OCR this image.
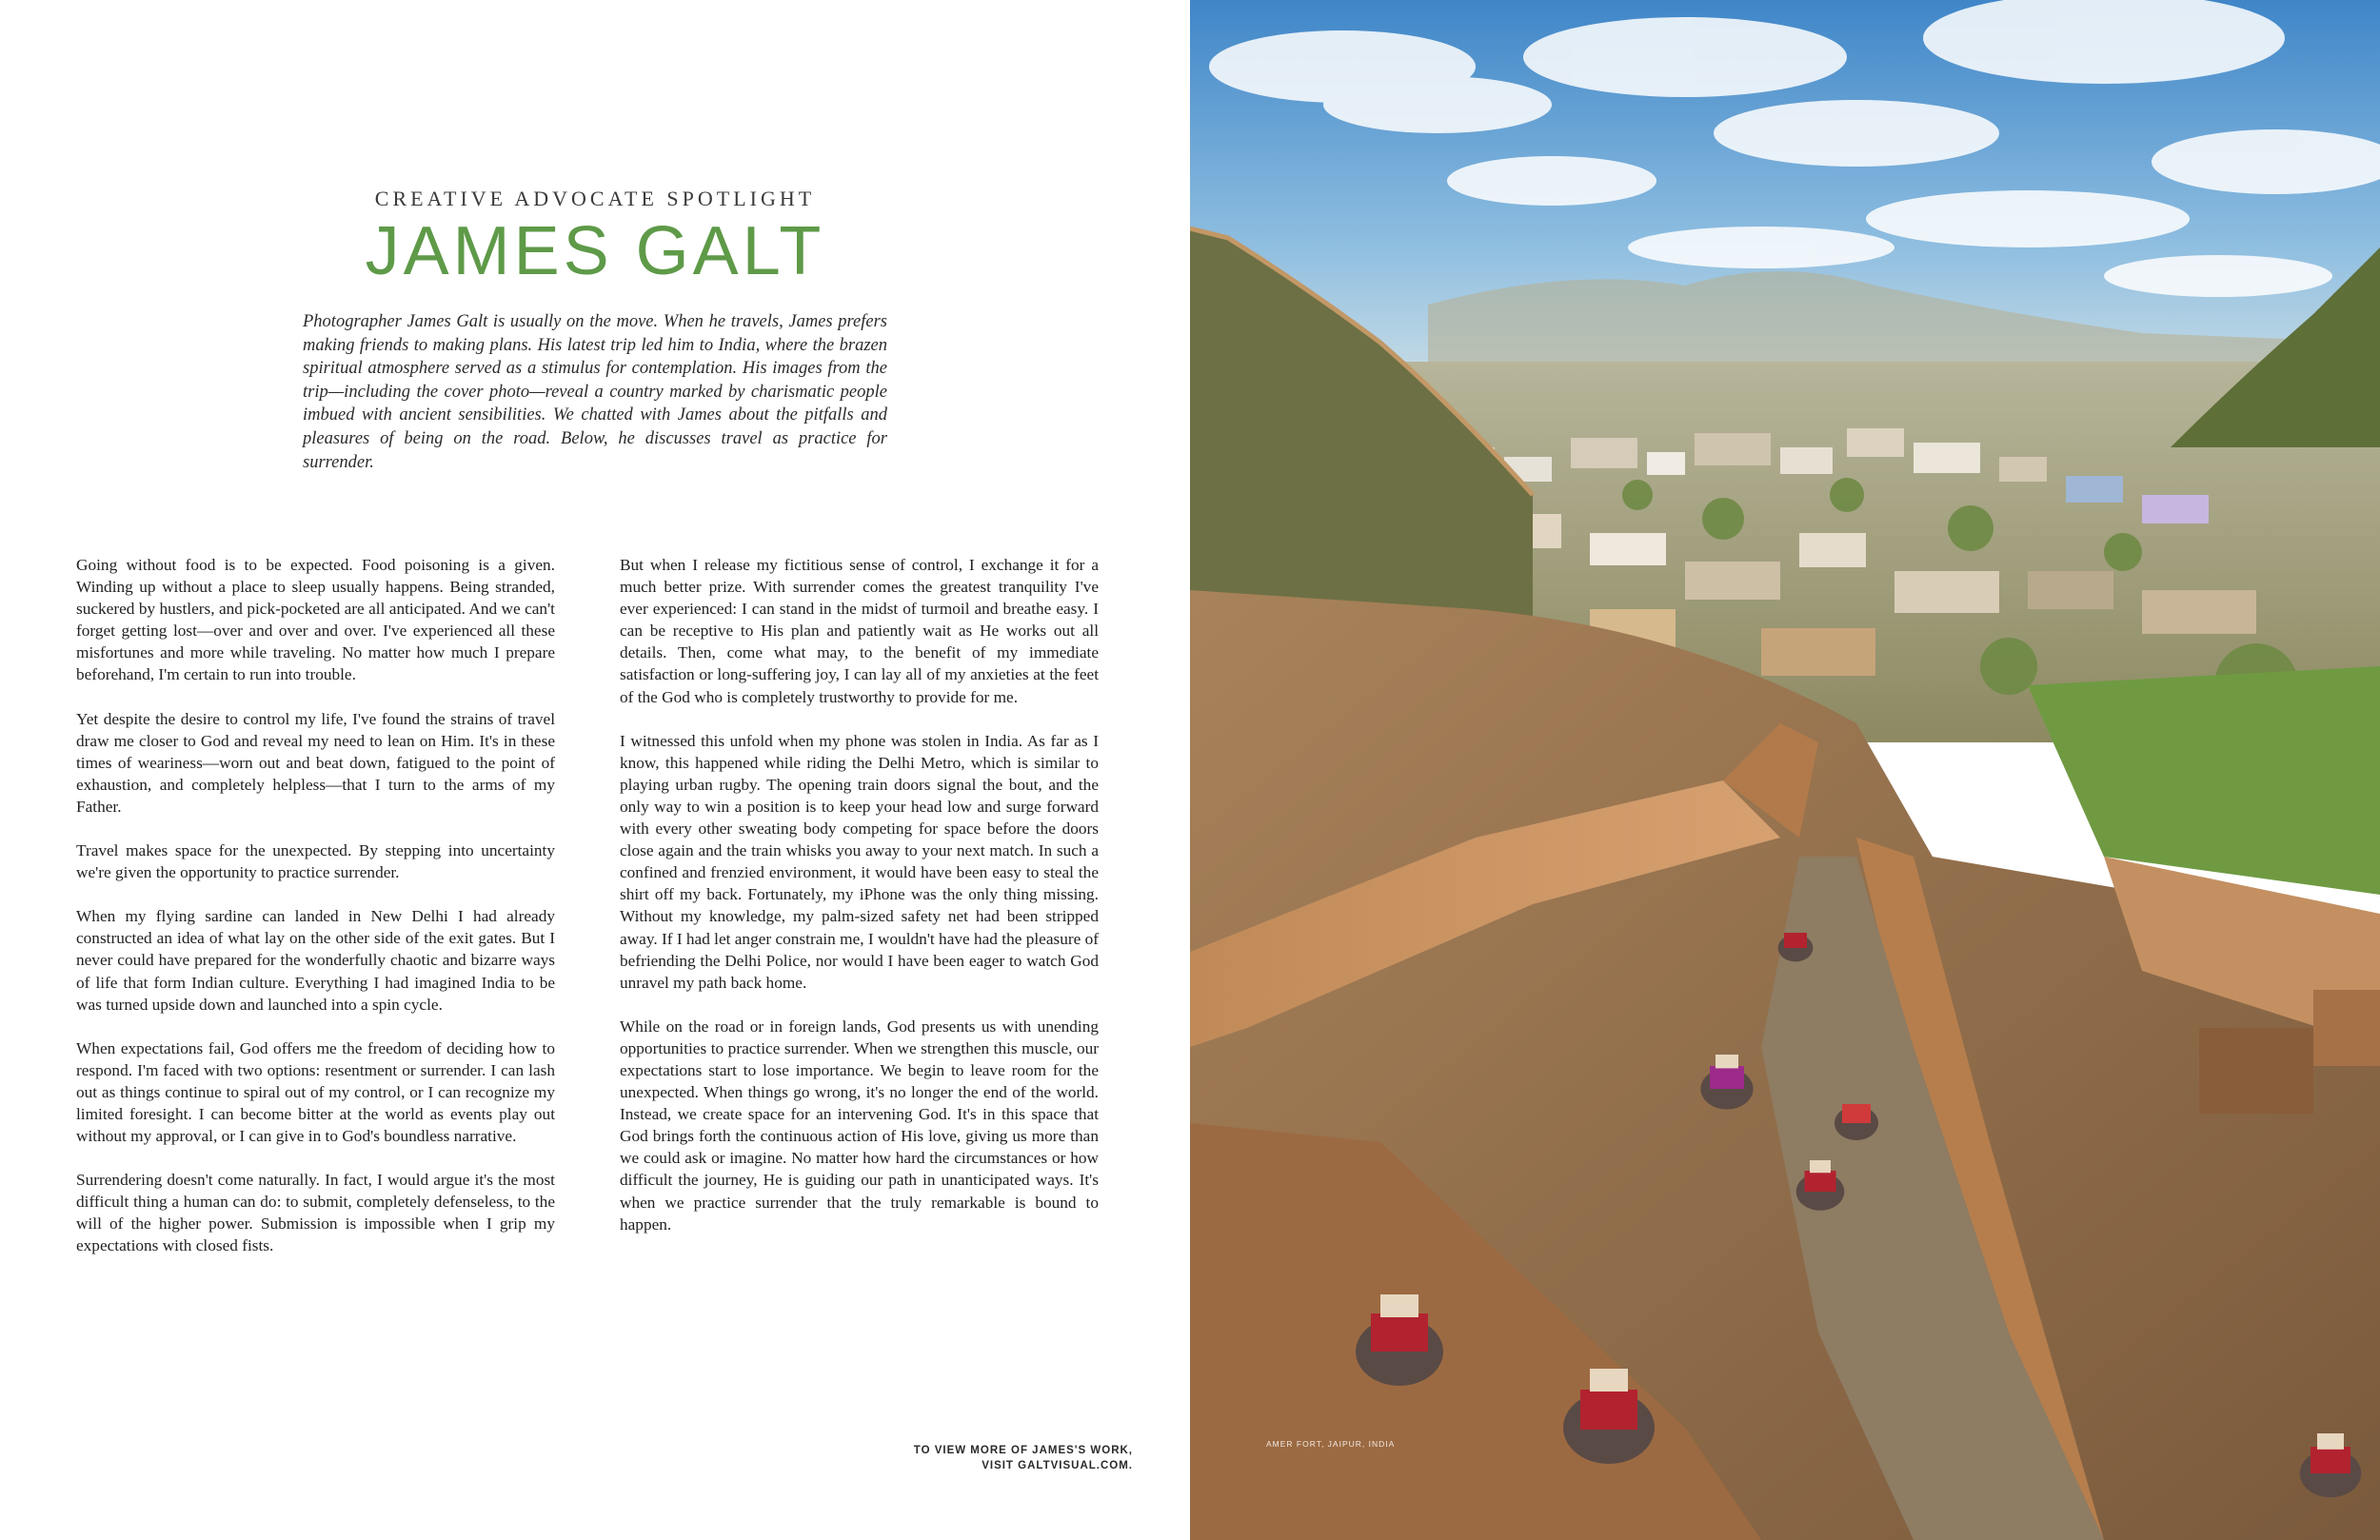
CREATIVE ADVOCATE SPOTLIGHT
JAMES GALT

Photographer James Galt is usually on the move. When he travels, James prefers making friends to making plans. His latest trip led him to India, where the brazen spiritual atmosphere served as a stimulus for contemplation. His images from the trip—including the cover photo—reveal a country marked by charismatic people imbued with ancient sensibilities. We chatted with James about the pitfalls and pleasures of being on the road. Below, he discusses travel as practice for surrender.

Going without food is to be expected. Food poisoning is a given. Winding up without a place to sleep usually happens. Being stranded, suckered by hustlers, and pick-pocketed are all anticipated. And we can't forget getting lost—over and over and over. I've experienced all these misfortunes and more while traveling. No matter how much I prepare beforehand, I'm certain to run into trouble.

Yet despite the desire to control my life, I've found the strains of travel draw me closer to God and reveal my need to lean on Him. It's in these times of weariness—worn out and beat down, fatigued to the point of exhaustion, and completely helpless—that I turn to the arms of my Father.

Travel makes space for the unexpected. By stepping into uncertainty we're given the opportunity to practice surrender.

When my flying sardine can landed in New Delhi I had already constructed an idea of what lay on the other side of the exit gates. But I never could have prepared for the wonderfully chaotic and bizarre ways of life that form Indian culture. Everything I had imagined India to be was turned upside down and launched into a spin cycle.

When expectations fail, God offers me the freedom of deciding how to respond. I'm faced with two options: resentment or surrender. I can lash out as things continue to spiral out of my control, or I can recognize my limited foresight. I can become bitter at the world as events play out without my approval, or I can give in to God's boundless narrative.

Surrendering doesn't come naturally. In fact, I would argue it's the most difficult thing a human can do: to submit, completely defenseless, to the will of the higher power. Submission is impossible when I grip my expectations with closed fists.

But when I release my fictitious sense of control, I exchange it for a much better prize. With surrender comes the greatest tranquility I've ever experienced: I can stand in the midst of turmoil and breathe easy. I can be receptive to His plan and patiently wait as He works out all details. Then, come what may, to the benefit of my immediate satisfaction or long-suffering joy, I can lay all of my anxieties at the feet of the God who is completely trustworthy to provide for me.

I witnessed this unfold when my phone was stolen in India. As far as I know, this happened while riding the Delhi Metro, which is similar to playing urban rugby. The opening train doors signal the bout, and the only way to win a position is to keep your head low and surge forward with every other sweating body competing for space before the doors close again and the train whisks you away to your next match. In such a confined and frenzied environment, it would have been easy to steal the shirt off my back. Fortunately, my iPhone was the only thing missing. Without my knowledge, my palm-sized safety net had been stripped away. If I had let anger constrain me, I wouldn't have had the pleasure of befriending the Delhi Police, nor would I have been eager to watch God unravel my path back home.

While on the road or in foreign lands, God presents us with unending opportunities to practice surrender. When we strengthen this muscle, our expectations start to lose importance. We begin to leave room for the unexpected. When things go wrong, it's no longer the end of the world. Instead, we create space for an intervening God. It's in this space that God brings forth the continuous action of His love, giving us more than we could ask or imagine. No matter how hard the circumstances or how difficult the journey, He is guiding our path in unanticipated ways. It's when we practice surrender that the truly remarkable is bound to happen.

TO VIEW MORE OF JAMES'S WORK,
VISIT GALTVISUAL.COM.
AMER FORT, JAIPUR, INDIA
